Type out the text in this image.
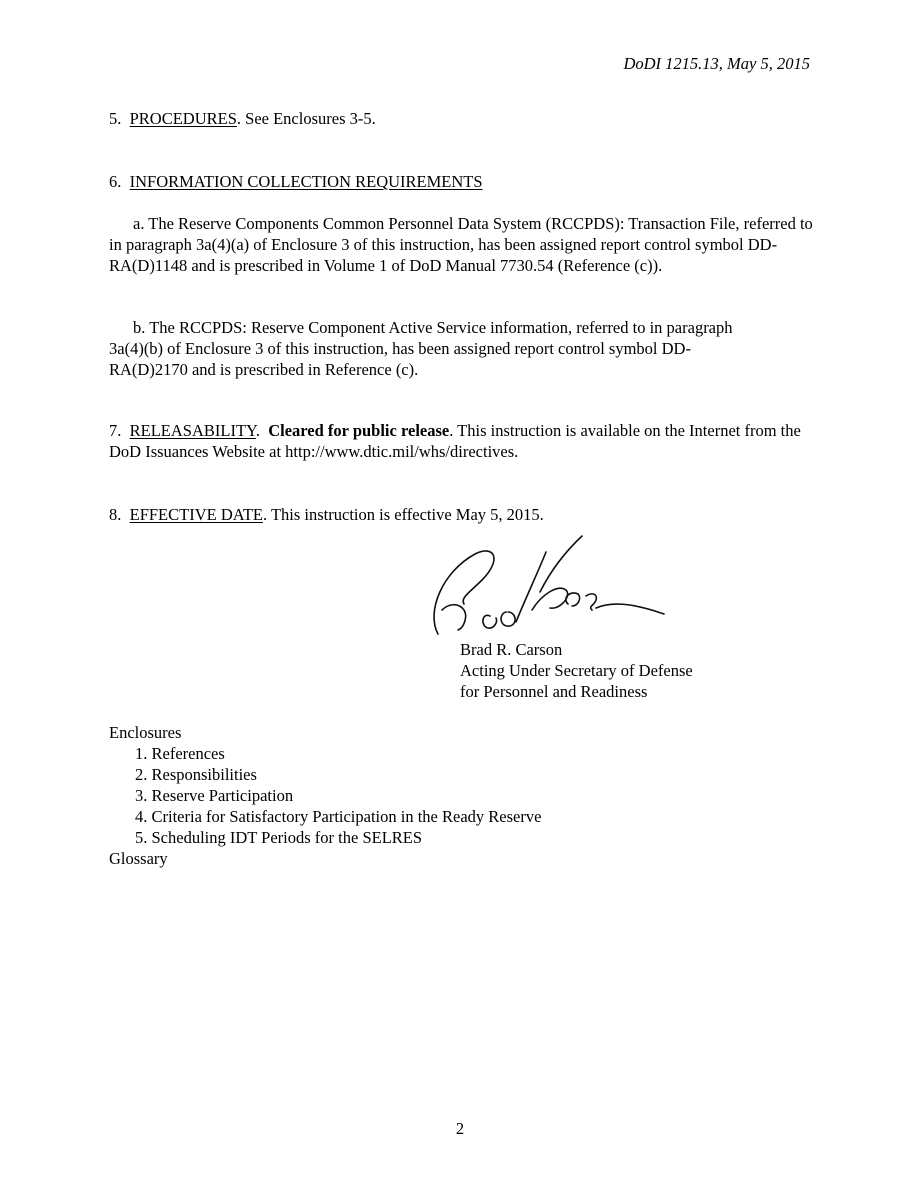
DoDI 1215.13, May 5, 2015
5. PROCEDURES. See Enclosures 3-5.
6. INFORMATION COLLECTION REQUIREMENTS
a. The Reserve Components Common Personnel Data System (RCCPDS): Transaction File, referred to in paragraph 3a(4)(a) of Enclosure 3 of this instruction, has been assigned report control symbol DD-RA(D)1148 and is prescribed in Volume 1 of DoD Manual 7730.54 (Reference (c)).
b. The RCCPDS: Reserve Component Active Service information, referred to in paragraph
3a(4)(b) of Enclosure 3 of this instruction, has been assigned report control symbol DD-
RA(D)2170 and is prescribed in Reference (c).
7. RELEASABILITY.  Cleared for public release. This instruction is available on the Internet from the DoD Issuances Website at http://www.dtic.mil/whs/directives.
8. EFFECTIVE DATE. This instruction is effective May 5, 2015.
Brad R. Carson
Acting Under Secretary of Defense
for Personnel and Readiness
Enclosures
1. References
2. Responsibilities
3. Reserve Participation
4. Criteria for Satisfactory Participation in the Ready Reserve
5. Scheduling IDT Periods for the SELRES
Glossary
2
